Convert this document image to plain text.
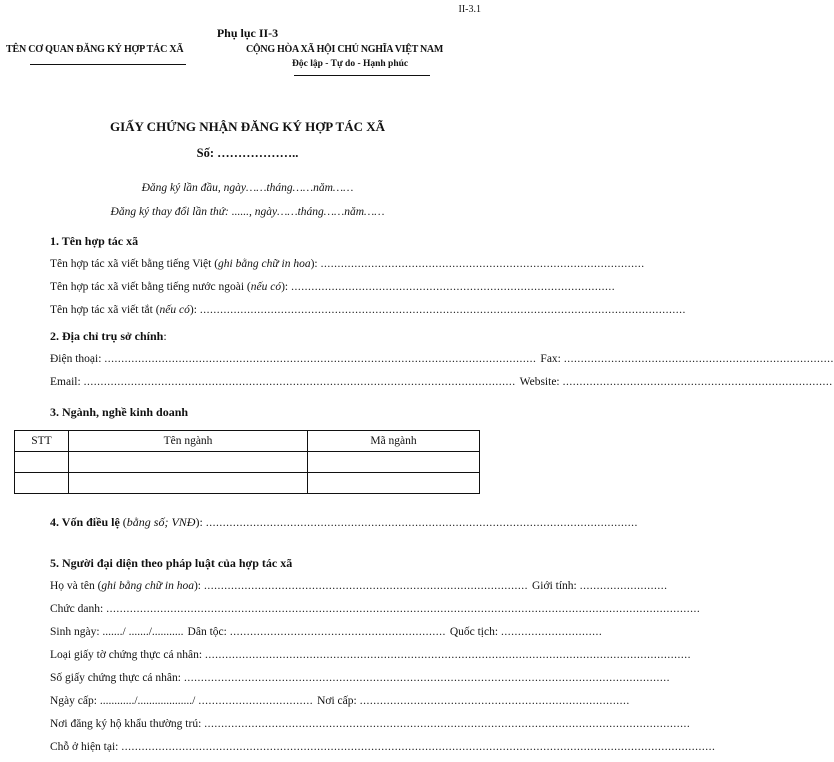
II-3.1
Phụ lục II-3
TÊN CƠ QUAN ĐĂNG KÝ HỢP TÁC XÃ	CỘNG HÒA XÃ HỘI CHỦ NGHĨA VIỆT NAM
Độc lập - Tự do - Hạnh phúc
GIẤY CHỨNG NHẬN ĐĂNG KÝ HỢP TÁC XÃ
Số: ………………..
Đăng ký lần đầu, ngày……tháng……năm……
Đăng ký thay đổi lần thứ: ......, ngày……tháng……năm……
1. Tên hợp tác xã
Tên hợp tác xã viết bằng tiếng Việt (ghi bằng chữ in hoa): ................................................................................................
Tên hợp tác xã viết bằng tiếng nước ngoài (nếu có): ................................................................................................
Tên hợp tác xã viết tắt (nếu có): ................................................................................................................................................
2. Địa chỉ trụ sở chính:
Điện thoại: ................................................................................................................................ Fax: ................................................................................
Email: ................................................................................................................................ Website: ................................................................................
3. Ngành, nghề kinh doanh
STT	Tên ngành	Mã ngành

4. Vốn điều lệ (bằng số; VNĐ): ................................................................................................................................
5. Người đại diện theo pháp luật của hợp tác xã
Họ và tên (ghi bằng chữ in hoa): ................................................................................................ Giới tính: ..........................
Chức danh: ................................................................................................................................................................................
Sinh ngày: ......./ ......./........... Dân tộc: ................................................................ Quốc tịch: ..............................
Loại giấy tờ chứng thực cá nhân: ................................................................................................................................................
Số giấy chứng thực cá nhân: ................................................................................................................................................
Ngày cấp: ............/.................../ .................................. Nơi cấp: ................................................................................
Nơi đăng ký hộ khẩu thường trú: ................................................................................................................................................
Chỗ ở hiện tại: ................................................................................................................................................................................
